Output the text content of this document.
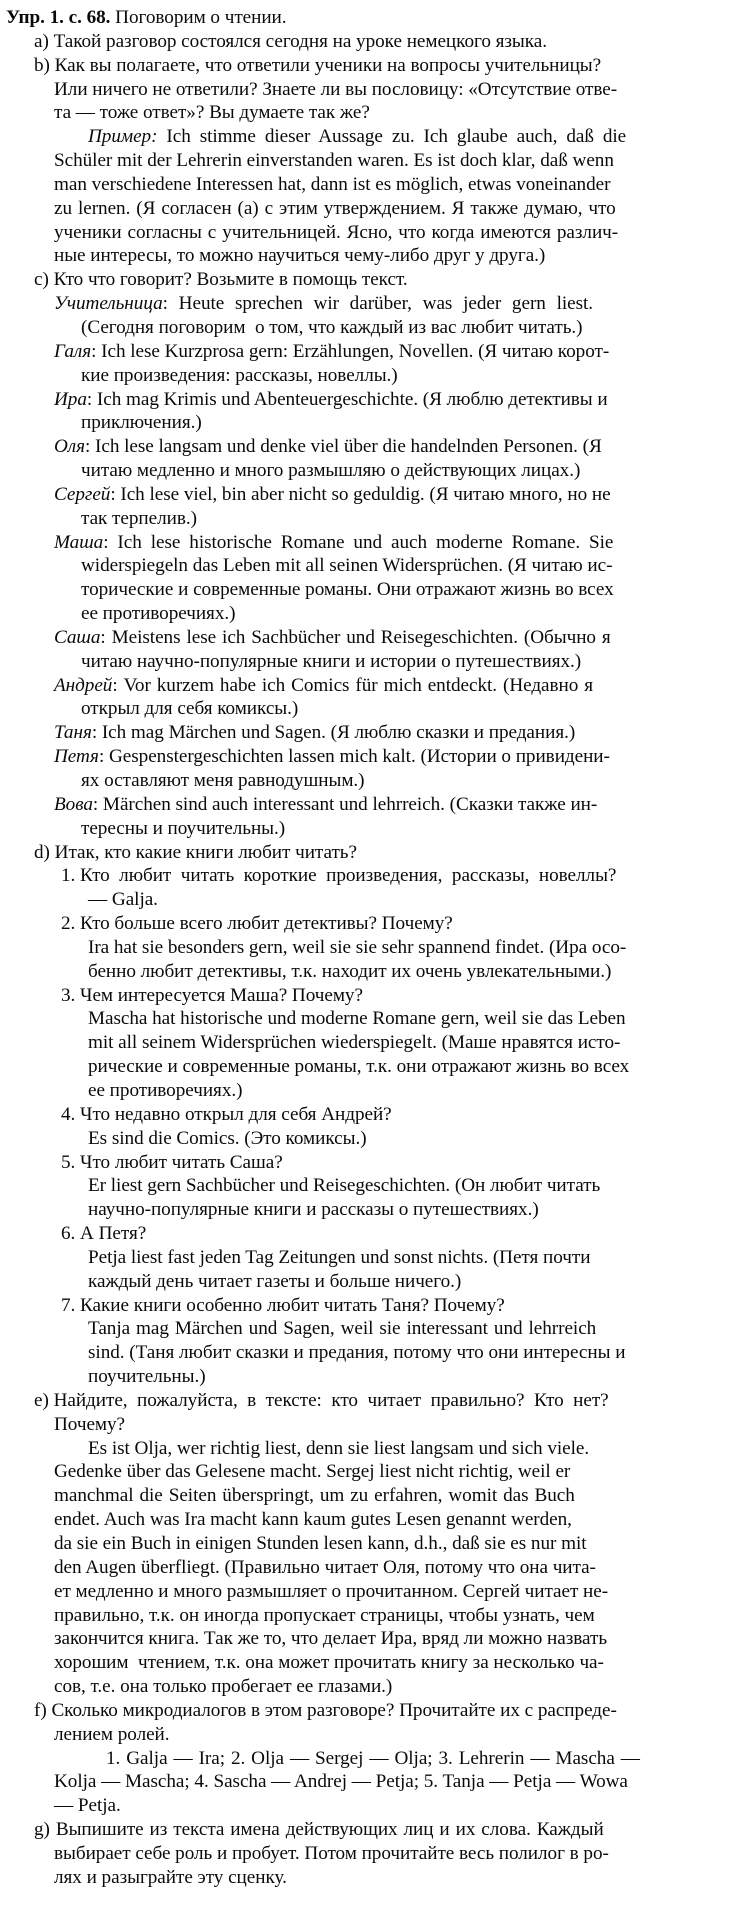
Упр. 1. с. 68. Поговорим о чтении.
a) Такой разговор состоялся сегодня на уроке немецкого языка.
b) Как вы полагаете, что ответили ученики на вопросы учительницы?
Или ничего не ответили? Знаете ли вы пословицу: «Отсутствие отве-
та — тоже ответ»? Вы думаете так же?
Пример: Ich stimme dieser Aussage zu. Ich glaube auch, daß die
Schüler mit der Lehrerin einverstanden waren. Es ist doch klar, daß wenn
man verschiedene Interessen hat, dann ist es möglich, etwas voneinander
zu lernen. (Я согласен (а) с этим утверждением. Я также думаю, что
ученики согласны с учительницей. Ясно, что когда имеются различ-
ные интересы, то можно научиться чему-либо друг у друга.)
c) Кто что говорит? Возьмите в помощь текст.
Учительница: Heute sprechen wir darüber, was jeder gern liest.
(Сегодня поговорим  о том, что каждый из вас любит читать.)
Галя: Ich lese Kurzprosa gern: Erzählungen, Novellen. (Я читаю корот-
кие произведения: рассказы, новеллы.)
Ира: Ich mag Krimis und Abenteuergeschichte. (Я люблю детективы и
приключения.)
Оля: Ich lese langsam und denke viel über die handelnden Personen. (Я
читаю медленно и много размышляю о действующих лицах.)
Сергей: Ich lese viel, bin aber nicht so geduldig. (Я читаю много, но не
так терпелив.)
Маша: Ich lese historische Romane und auch moderne Romane. Sie
widerspiegeln das Leben mit all seinen Widersprüchen. (Я читаю ис-
торические и современные романы. Они отражают жизнь во всех
ее противоречиях.)
Саша: Meistens lese ich Sachbücher und Reisegeschichten. (Обычно я
читаю научно-популярные книги и истории о путешествиях.)
Андрей: Vor kurzem habe ich Comics für mich entdeckt. (Недавно я
открыл для себя комиксы.)
Таня: Ich mag Märchen und Sagen. (Я люблю сказки и предания.)
Петя: Gespenstergeschichten lassen mich kalt. (Истории о привидени-
ях оставляют меня равнодушным.)
Вова: Märchen sind auch interessant und lehrreich. (Сказки также ин-
тересны и поучительны.)
d) Итак, кто какие книги любит читать?
1. Кто  любит  читать  короткие  произведения,  рассказы,  новеллы?
— Galja.
2. Кто больше всего любит детективы? Почему?
Ira hat sie besonders gern, weil sie sie sehr spannend findet. (Ира осо-
бенно любит детективы, т.к. находит их очень увлекательными.)
3. Чем интересуется Маша? Почему?
Mascha hat historische und moderne Romane gern, weil sie das Leben
mit all seinem Widersprüchen wiederspiegelt. (Маше нравятся исто-
рические и современные романы, т.к. они отражают жизнь во всех
ее противоречиях.)
4. Что недавно открыл для себя Андрей?
Es sind die Comics. (Это комиксы.)
5. Что любит читать Саша?
Er liest gern Sachbücher und Reisegeschichten. (Он любит читать
научно-популярные книги и рассказы о путешествиях.)
6. А Петя?
Petja liest fast jeden Tag Zeitungen und sonst nichts. (Петя почти
каждый день читает газеты и больше ничего.)
7. Какие книги особенно любит читать Таня? Почему?
Tanja mag Märchen und Sagen, weil sie interessant und lehrreich
sind. (Таня любит сказки и предания, потому что они интересны и
поучительны.)
e) Найдите,  пожалуйста,  в  тексте:  кто  читает  правильно?  Кто  нет?
Почему?
Es ist Olja, wer richtig liest, denn sie liest langsam und sich viele.
Gedenke über das Gelesene macht. Sergej liest nicht richtig, weil er
manchmal die Seiten überspringt, um zu erfahren, womit das Buch
endet. Auch was Ira macht kann kaum gutes Lesen genannt werden,
da sie ein Buch in einigen Stunden lesen kann, d.h., daß sie es nur mit
den Augen überfliegt. (Правильно читает Оля, потому что она чита-
ет медленно и много размышляет о прочитанном. Сергей читает не-
правильно, т.к. он иногда пропускает страницы, чтобы узнать, чем
закончится книга. Так же то, что делает Ира, вряд ли можно назвать
хорошим  чтением, т.к. она может прочитать книгу за несколько ча-
сов, т.е. она только пробегает ее глазами.)
f) Сколько микродиалогов в этом разговоре? Прочитайте их с распреде-
лением ролей.
1. Galja — Ira; 2. Olja — Sergej — Olja; 3. Lehrerin — Mascha —
Kolja — Mascha; 4. Sascha — Andrej — Petja; 5. Tanja — Petja — Wowa
— Petja.
g) Выпишите из текста имена действующих лиц и их слова. Каждый
выбирает себе роль и пробует. Потом прочитайте весь полилог в ро-
лях и разыграйте эту сценку.
